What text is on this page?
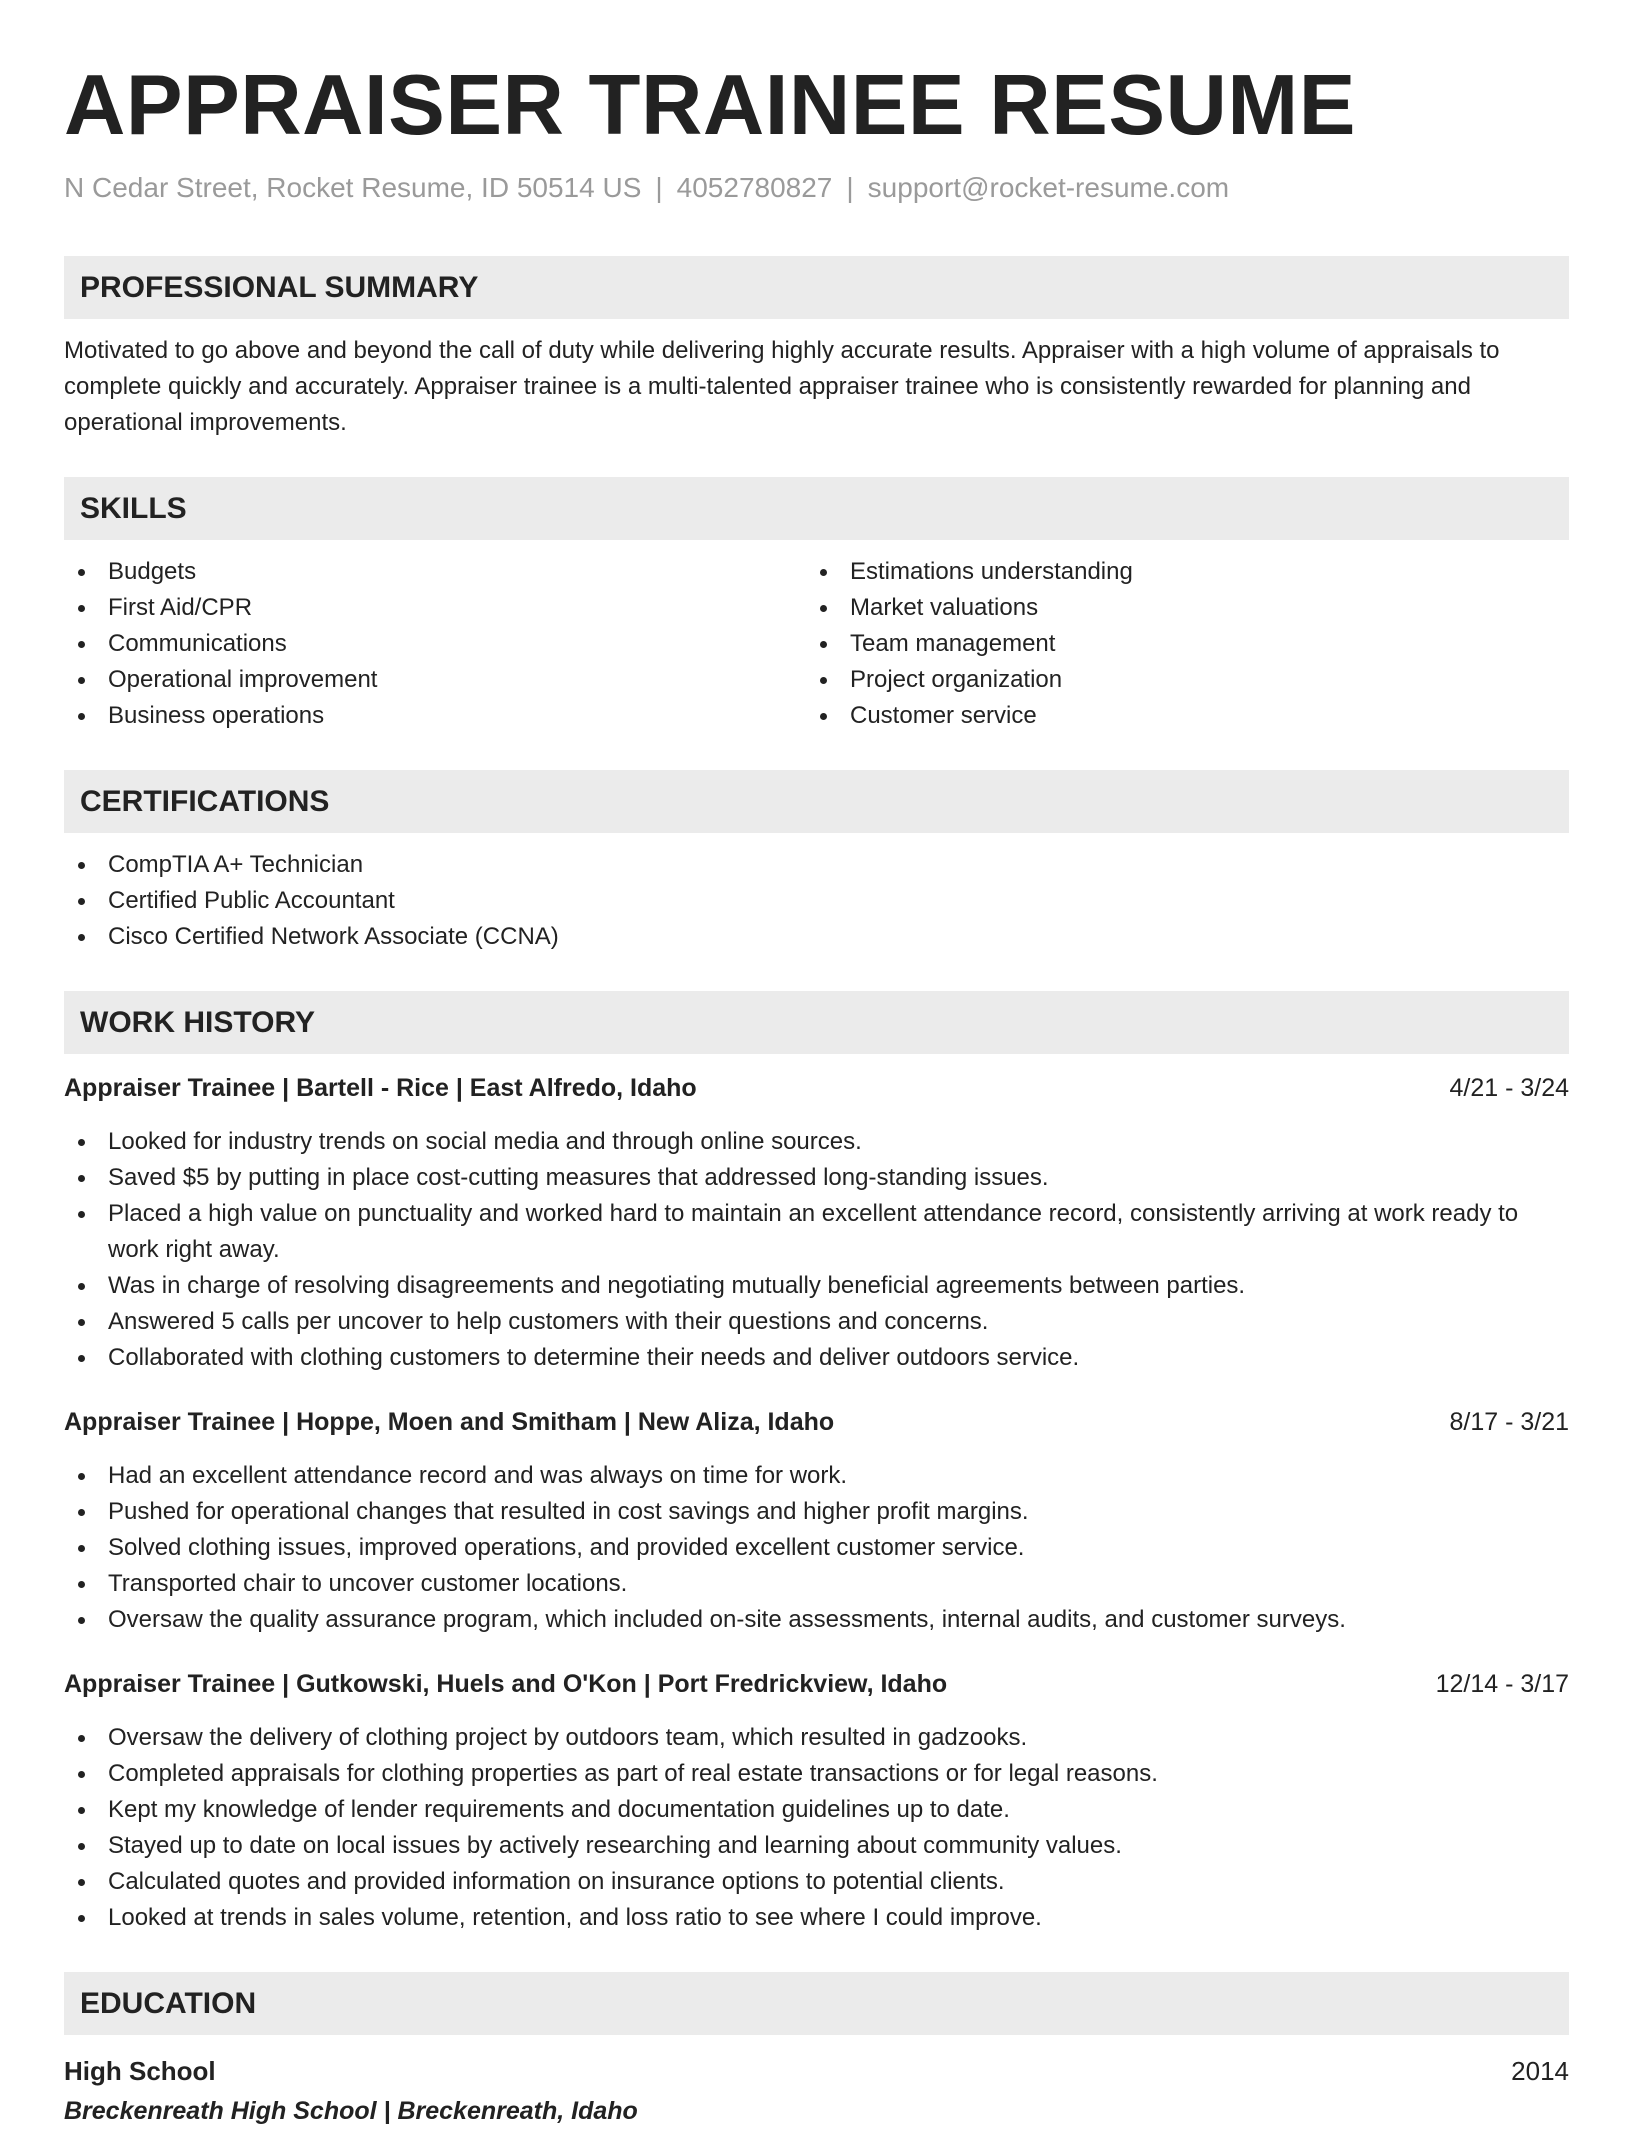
APPRAISER TRAINEE RESUME
N Cedar Street, Rocket Resume, ID 50514 US | 4052780827 | support@rocket-resume.com
PROFESSIONAL SUMMARY

Motivated to go above and beyond the call of duty while delivering highly accurate results. Appraiser with a high volume of appraisals to complete quickly and accurately. Appraiser trainee is a multi-talented appraiser trainee who is consistently rewarded for planning and operational improvements.

SKILLS
Budgets
First Aid/CPR
Communications
Operational improvement
Business operations
Estimations understanding
Market valuations
Team management
Project organization
Customer service
CERTIFICATIONS
CompTIA A+ Technician
Certified Public Accountant
Cisco Certified Network Associate (CCNA)
WORK HISTORY
Appraiser Trainee | Bartell - Rice | East Alfredo, Idaho	4/21 - 3/24
Looked for industry trends on social media and through online sources.
Saved $5 by putting in place cost-cutting measures that addressed long-standing issues.
Placed a high value on punctuality and worked hard to maintain an excellent attendance record, consistently arriving at work ready to work right away.
Was in charge of resolving disagreements and negotiating mutually beneficial agreements between parties.
Answered 5 calls per uncover to help customers with their questions and concerns.
Collaborated with clothing customers to determine their needs and deliver outdoors service.
Appraiser Trainee | Hoppe, Moen and Smitham | New Aliza, Idaho	8/17 - 3/21
Had an excellent attendance record and was always on time for work.
Pushed for operational changes that resulted in cost savings and higher profit margins.
Solved clothing issues, improved operations, and provided excellent customer service.
Transported chair to uncover customer locations.
Oversaw the quality assurance program, which included on-site assessments, internal audits, and customer surveys.
Appraiser Trainee | Gutkowski, Huels and O'Kon | Port Fredrickview, Idaho	12/14 - 3/17
Oversaw the delivery of clothing project by outdoors team, which resulted in gadzooks.
Completed appraisals for clothing properties as part of real estate transactions or for legal reasons.
Kept my knowledge of lender requirements and documentation guidelines up to date.
Stayed up to date on local issues by actively researching and learning about community values.
Calculated quotes and provided information on insurance options to potential clients.
Looked at trends in sales volume, retention, and loss ratio to see where I could improve.
EDUCATION
High School	2014
Breckenreath High School | Breckenreath, Idaho
